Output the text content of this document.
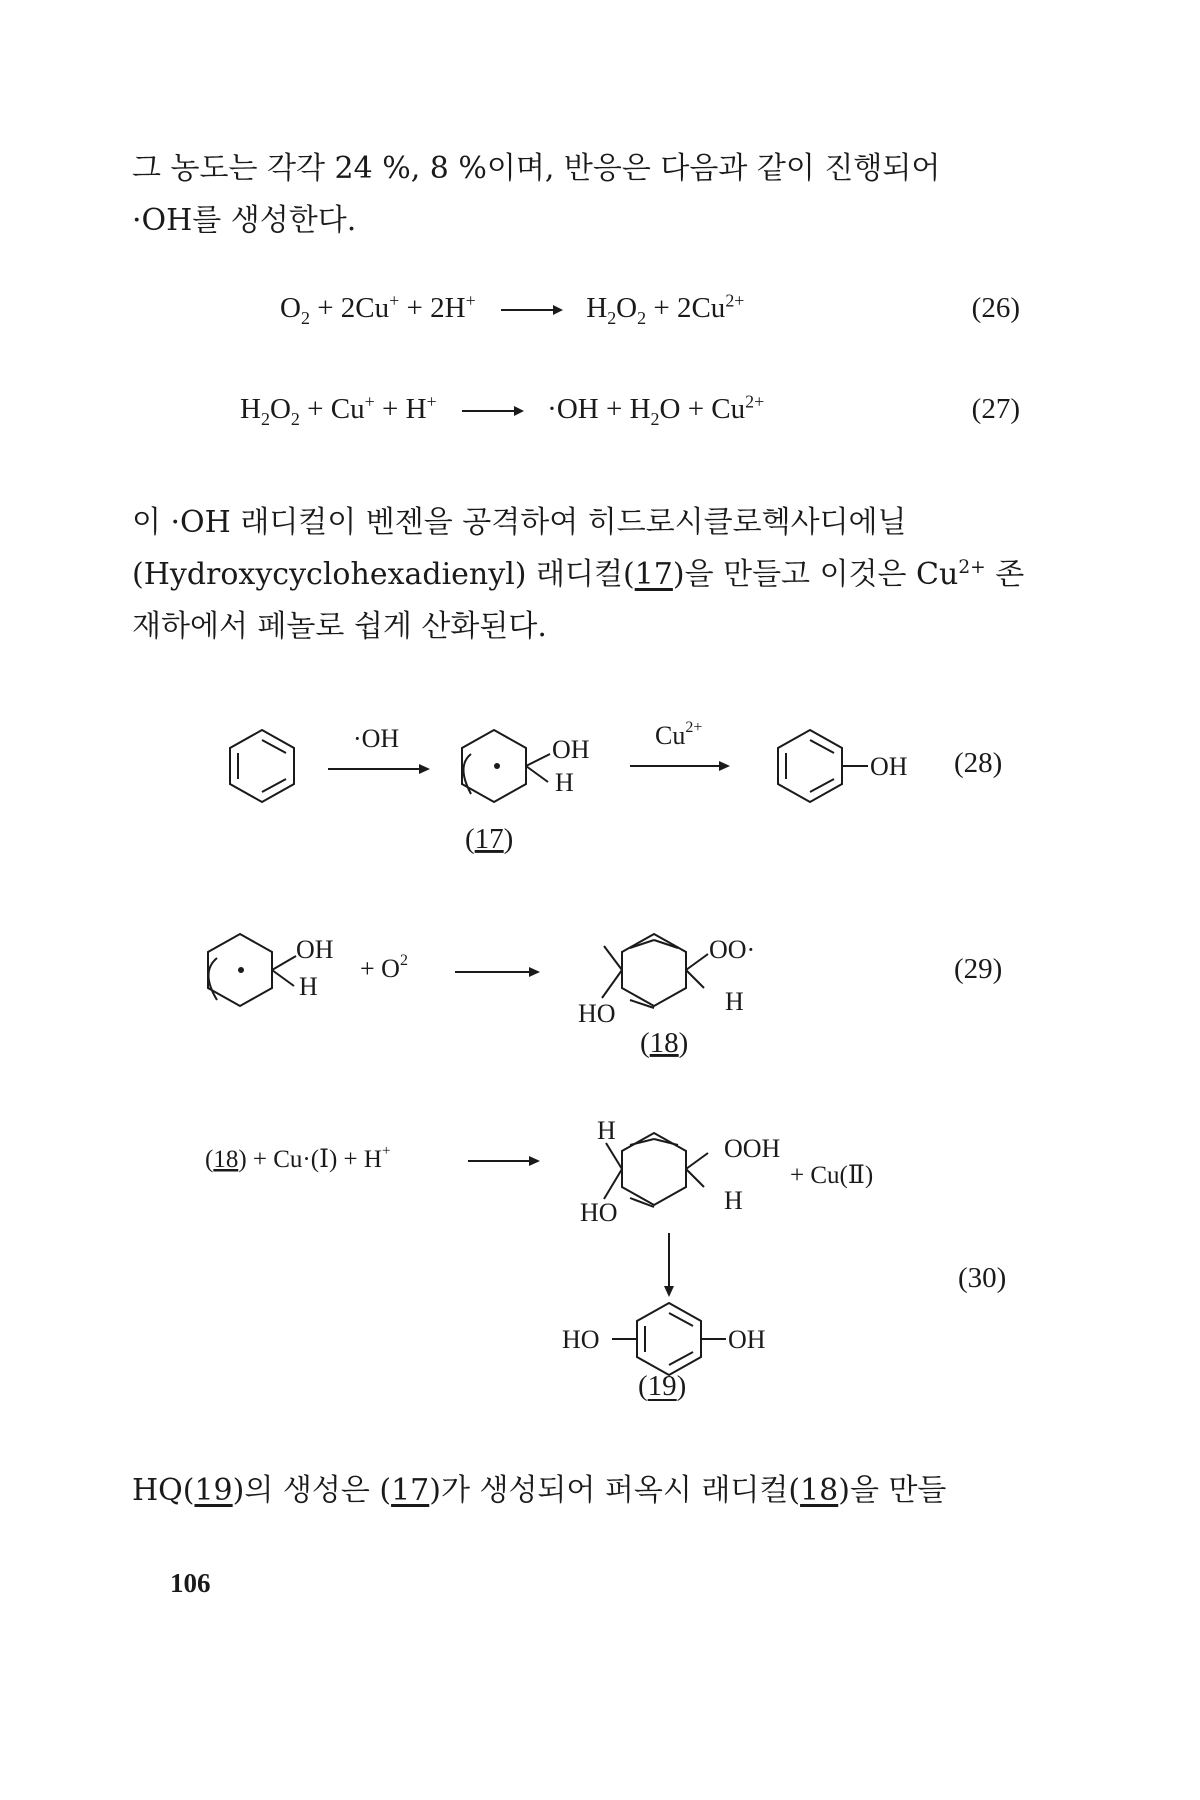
그 농도는 각각 24 %, 8 %이며, 반응은 다음과 같이 진행되어
·OH를 생성한다.

$O_2 + 2Cu^+ + 2H^+ \to H_2O_2 + 2Cu^{2+}$	(26)
$H_2O_2 + Cu^+ + H^+ \to \cdot OH + H_2O + Cu^{2+}$	(27)

이 ·OH 래디컬이 벤젠을 공격하여 히드로시클로헥사디에닐
(Hydroxycyclohexadienyl) 래디컬(17)을 만들고 이것은 $Cu^{2+}$ 존
재하에서 페놀로 쉽게 산화된다.

·OH	OH
H
(17)
$Cu^{2+}$
OH (28)
OH
H
+ $O^2$	OO·
HO	H
(18)
(29)
(18) + Cu·(Ⅰ) + H+
H
OOH
HO	H
+ Cu(Ⅱ)
HO	OH
(30)
(19)

HQ(19)의 생성은 (17)가 생성되어 퍼옥시 래디컬(18)을 만들

106
